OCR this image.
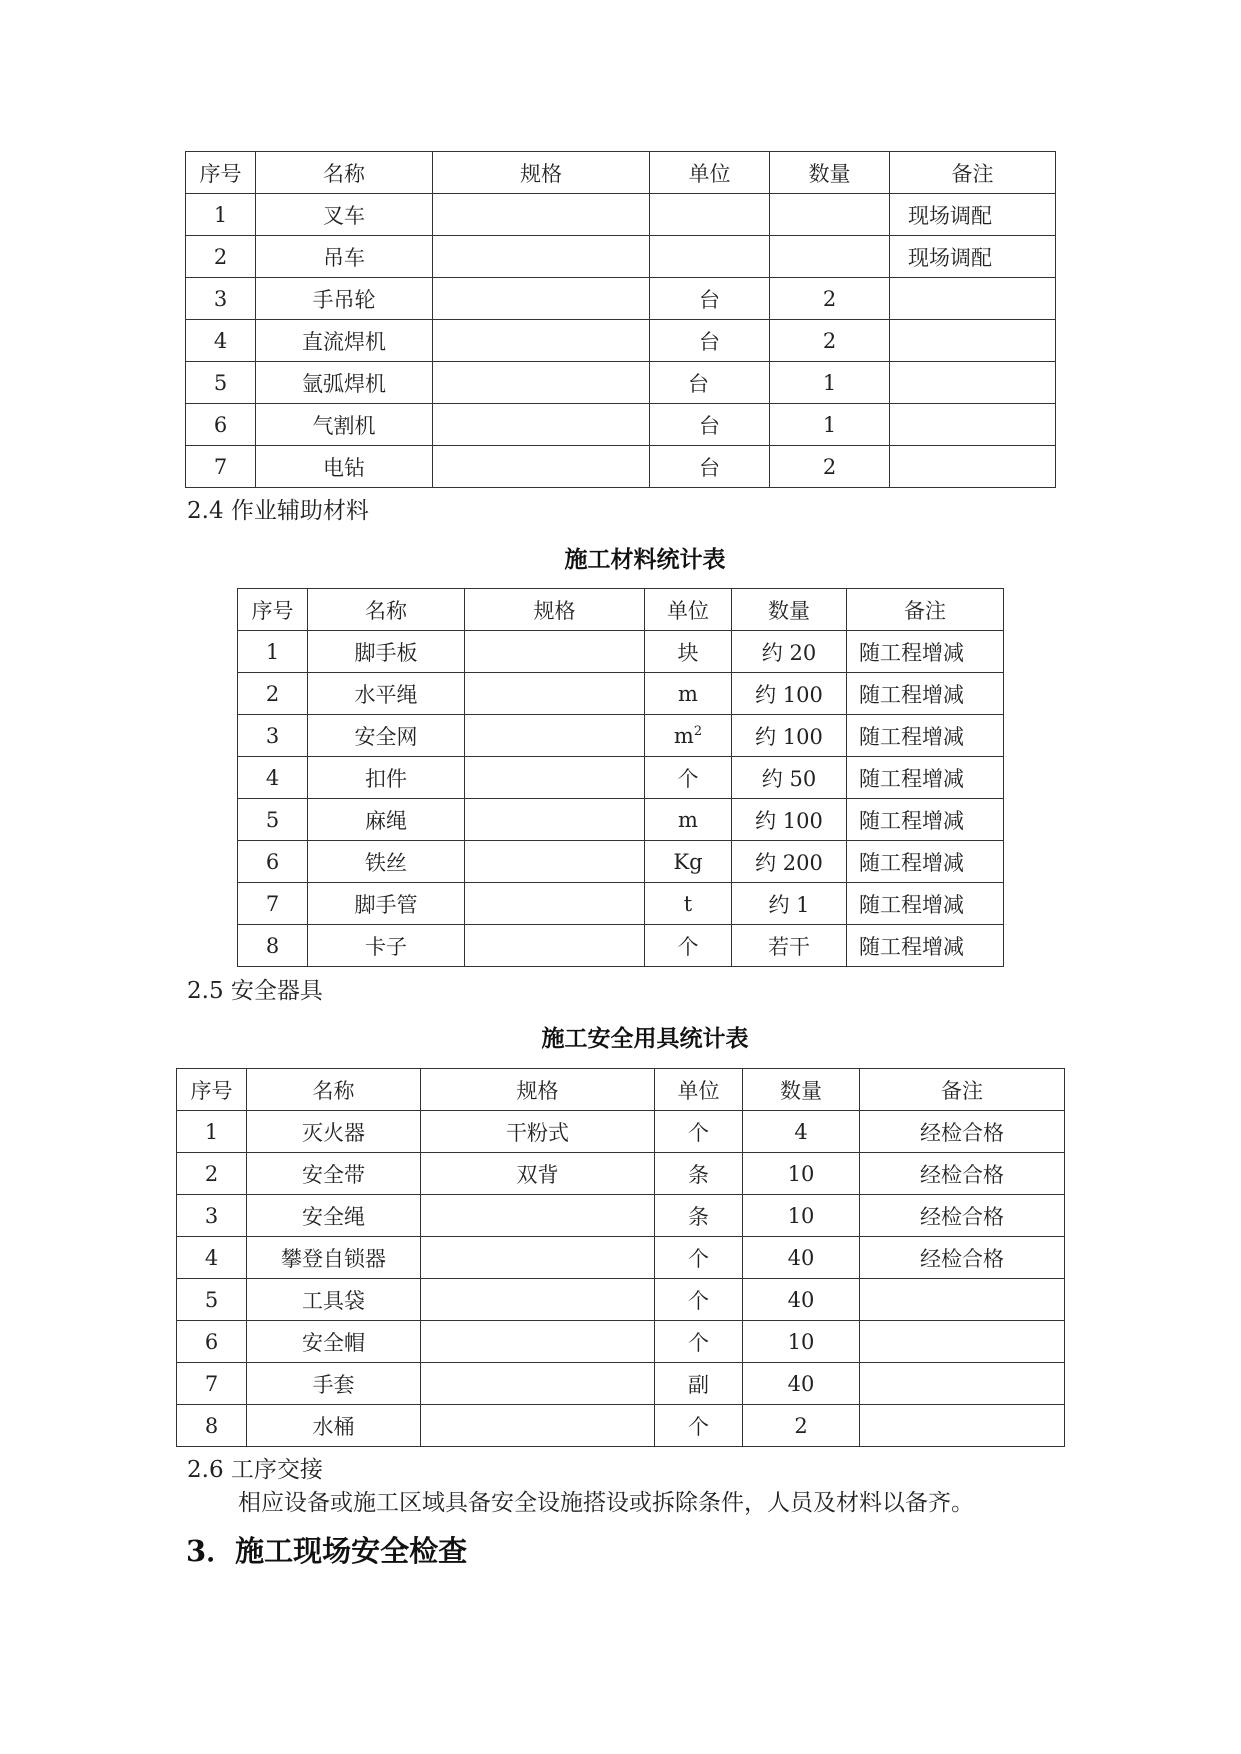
序号	名称	规格	单位	数量	备注
1	叉车				现场调配
2	吊车				现场调配
3	手吊轮		台	2	
4	直流焊机		台	2	
5	氩弧焊机		台	1	
6	气割机		台	1	
7	电钻		台	2	
2.4 作业辅助材料
施工材料统计表
序号	名称	规格	单位	数量	备注
1	脚手板		块	约 20	随工程增减
2	水平绳		m	约 100	随工程增减
3	安全网		$m^2$	约 100	随工程增减
4	扣件		个	约 50	随工程增减
5	麻绳		m	约 100	随工程增减
6	铁丝		Kg	约 200	随工程增减
7	脚手管		t	约 1	随工程增减
8	卡子		个	若干	随工程增减
2.5 安全器具
施工安全用具统计表
序号	名称	规格	单位	数量	备注
1	灭火器	干粉式	个	4	经检合格
2	安全带	双背	条	10	经检合格
3	安全绳		条	10	经检合格
4	攀登自锁器		个	40	经检合格
5	工具袋		个	40	
6	安全帽		个	10	
7	手套		副	40	
8	水桶		个	2	
2.6 工序交接
相应设备或施工区域具备安全设施搭设或拆除条件，人员及材料以备齐。
3．施工现场安全检查
